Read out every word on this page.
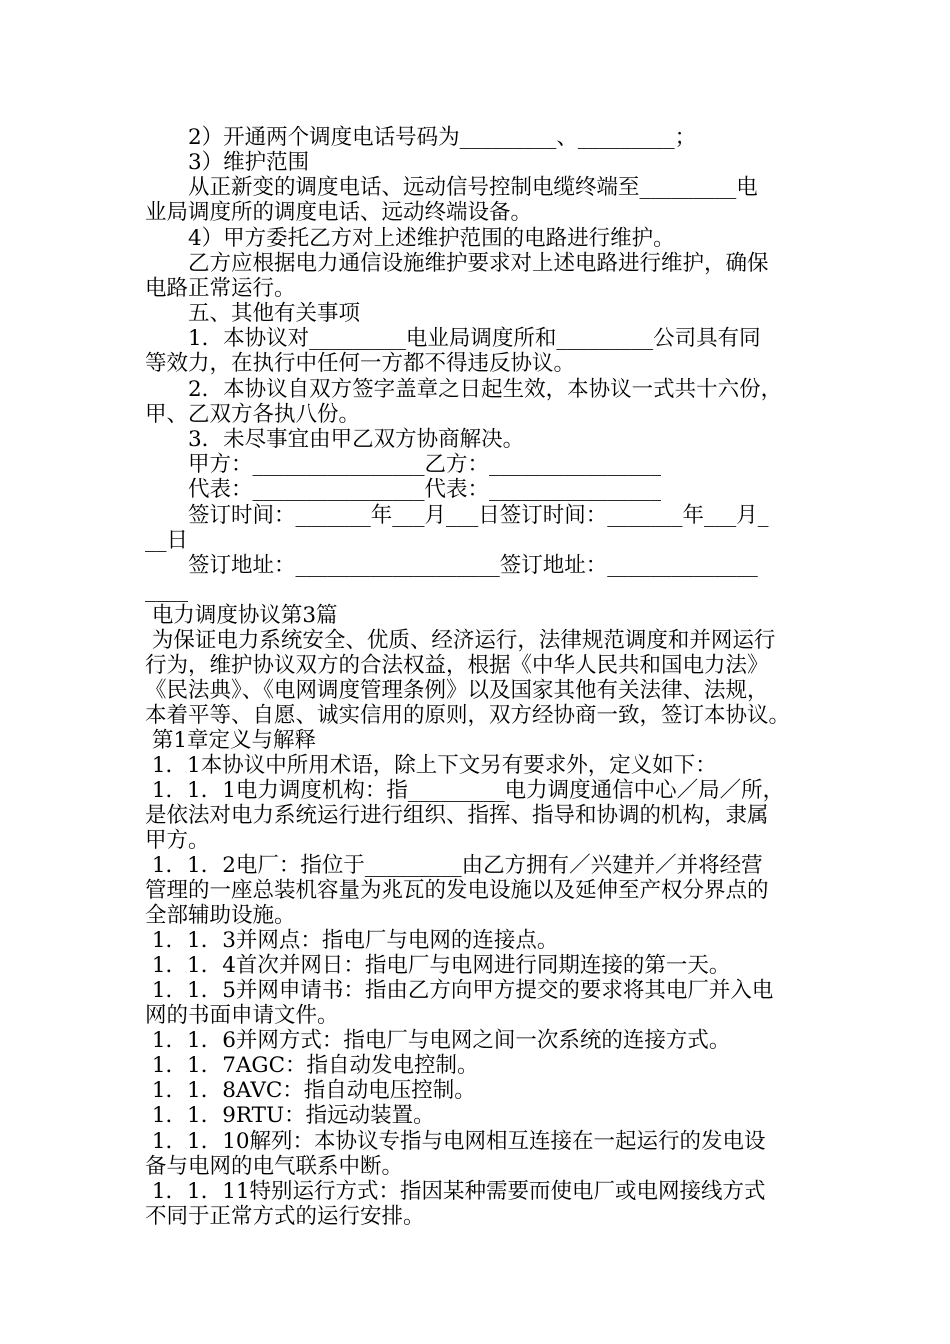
　　2）开通两个调度电话号码为_________、_________；
　　3）维护范围
　　从正新变的调度电话、远动信号控制电缆终端至_________电
业局调度所的调度电话、远动终端设备。
　　4）甲方委托乙方对上述维护范围的电路进行维护。
　　乙方应根据电力通信设施维护要求对上述电路进行维护，确保
电路正常运行。
　　五、其他有关事项
　　1．本协议对_________电业局调度所和_________公司具有同
等效力，在执行中任何一方都不得违反协议。
　　2．本协议自双方签字盖章之日起生效，本协议一式共十六份，
甲、乙双方各执八份。
　　3．未尽事宜由甲乙双方协商解决。
　　甲方：________________乙方：________________
　　代表：________________代表：________________
　　签订时间：_______年___月___日签订时间：_______年___月_
__日
　　签订地址：___________________签订地址：______________
____
电力调度协议第3篇
为保证电力系统安全、优质、经济运行，法律规范调度和并网运行
行为，维护协议双方的合法权益，根据《中华人民共和国电力法》
《民法典》、《电网调度管理条例》以及国家其他有关法律、法规，
本着平等、自愿、诚实信用的原则，双方经协商一致，签订本协议。
第1章定义与解释
1．1本协议中所用术语，除上下文另有要求外，定义如下：
1．1．1电力调度机构：指_________电力调度通信中心／局／所，
是依法对电力系统运行进行组织、指挥、指导和协调的机构，隶属
甲方。
1．1．2电厂：指位于_________由乙方拥有／兴建并／并将经营
管理的一座总装机容量为兆瓦的发电设施以及延伸至产权分界点的
全部辅助设施。
1．1．3并网点：指电厂与电网的连接点。
1．1．4首次并网日：指电厂与电网进行同期连接的第一天。
1．1．5并网申请书：指由乙方向甲方提交的要求将其电厂并入电
网的书面申请文件。
1．1．6并网方式：指电厂与电网之间一次系统的连接方式。
1．1．7AGC：指自动发电控制。
1．1．8AVC：指自动电压控制。
1．1．9RTU：指远动装置。
1．1．10解列：本协议专指与电网相互连接在一起运行的发电设
备与电网的电气联系中断。
1．1．11特别运行方式：指因某种需要而使电厂或电网接线方式
不同于正常方式的运行安排。
